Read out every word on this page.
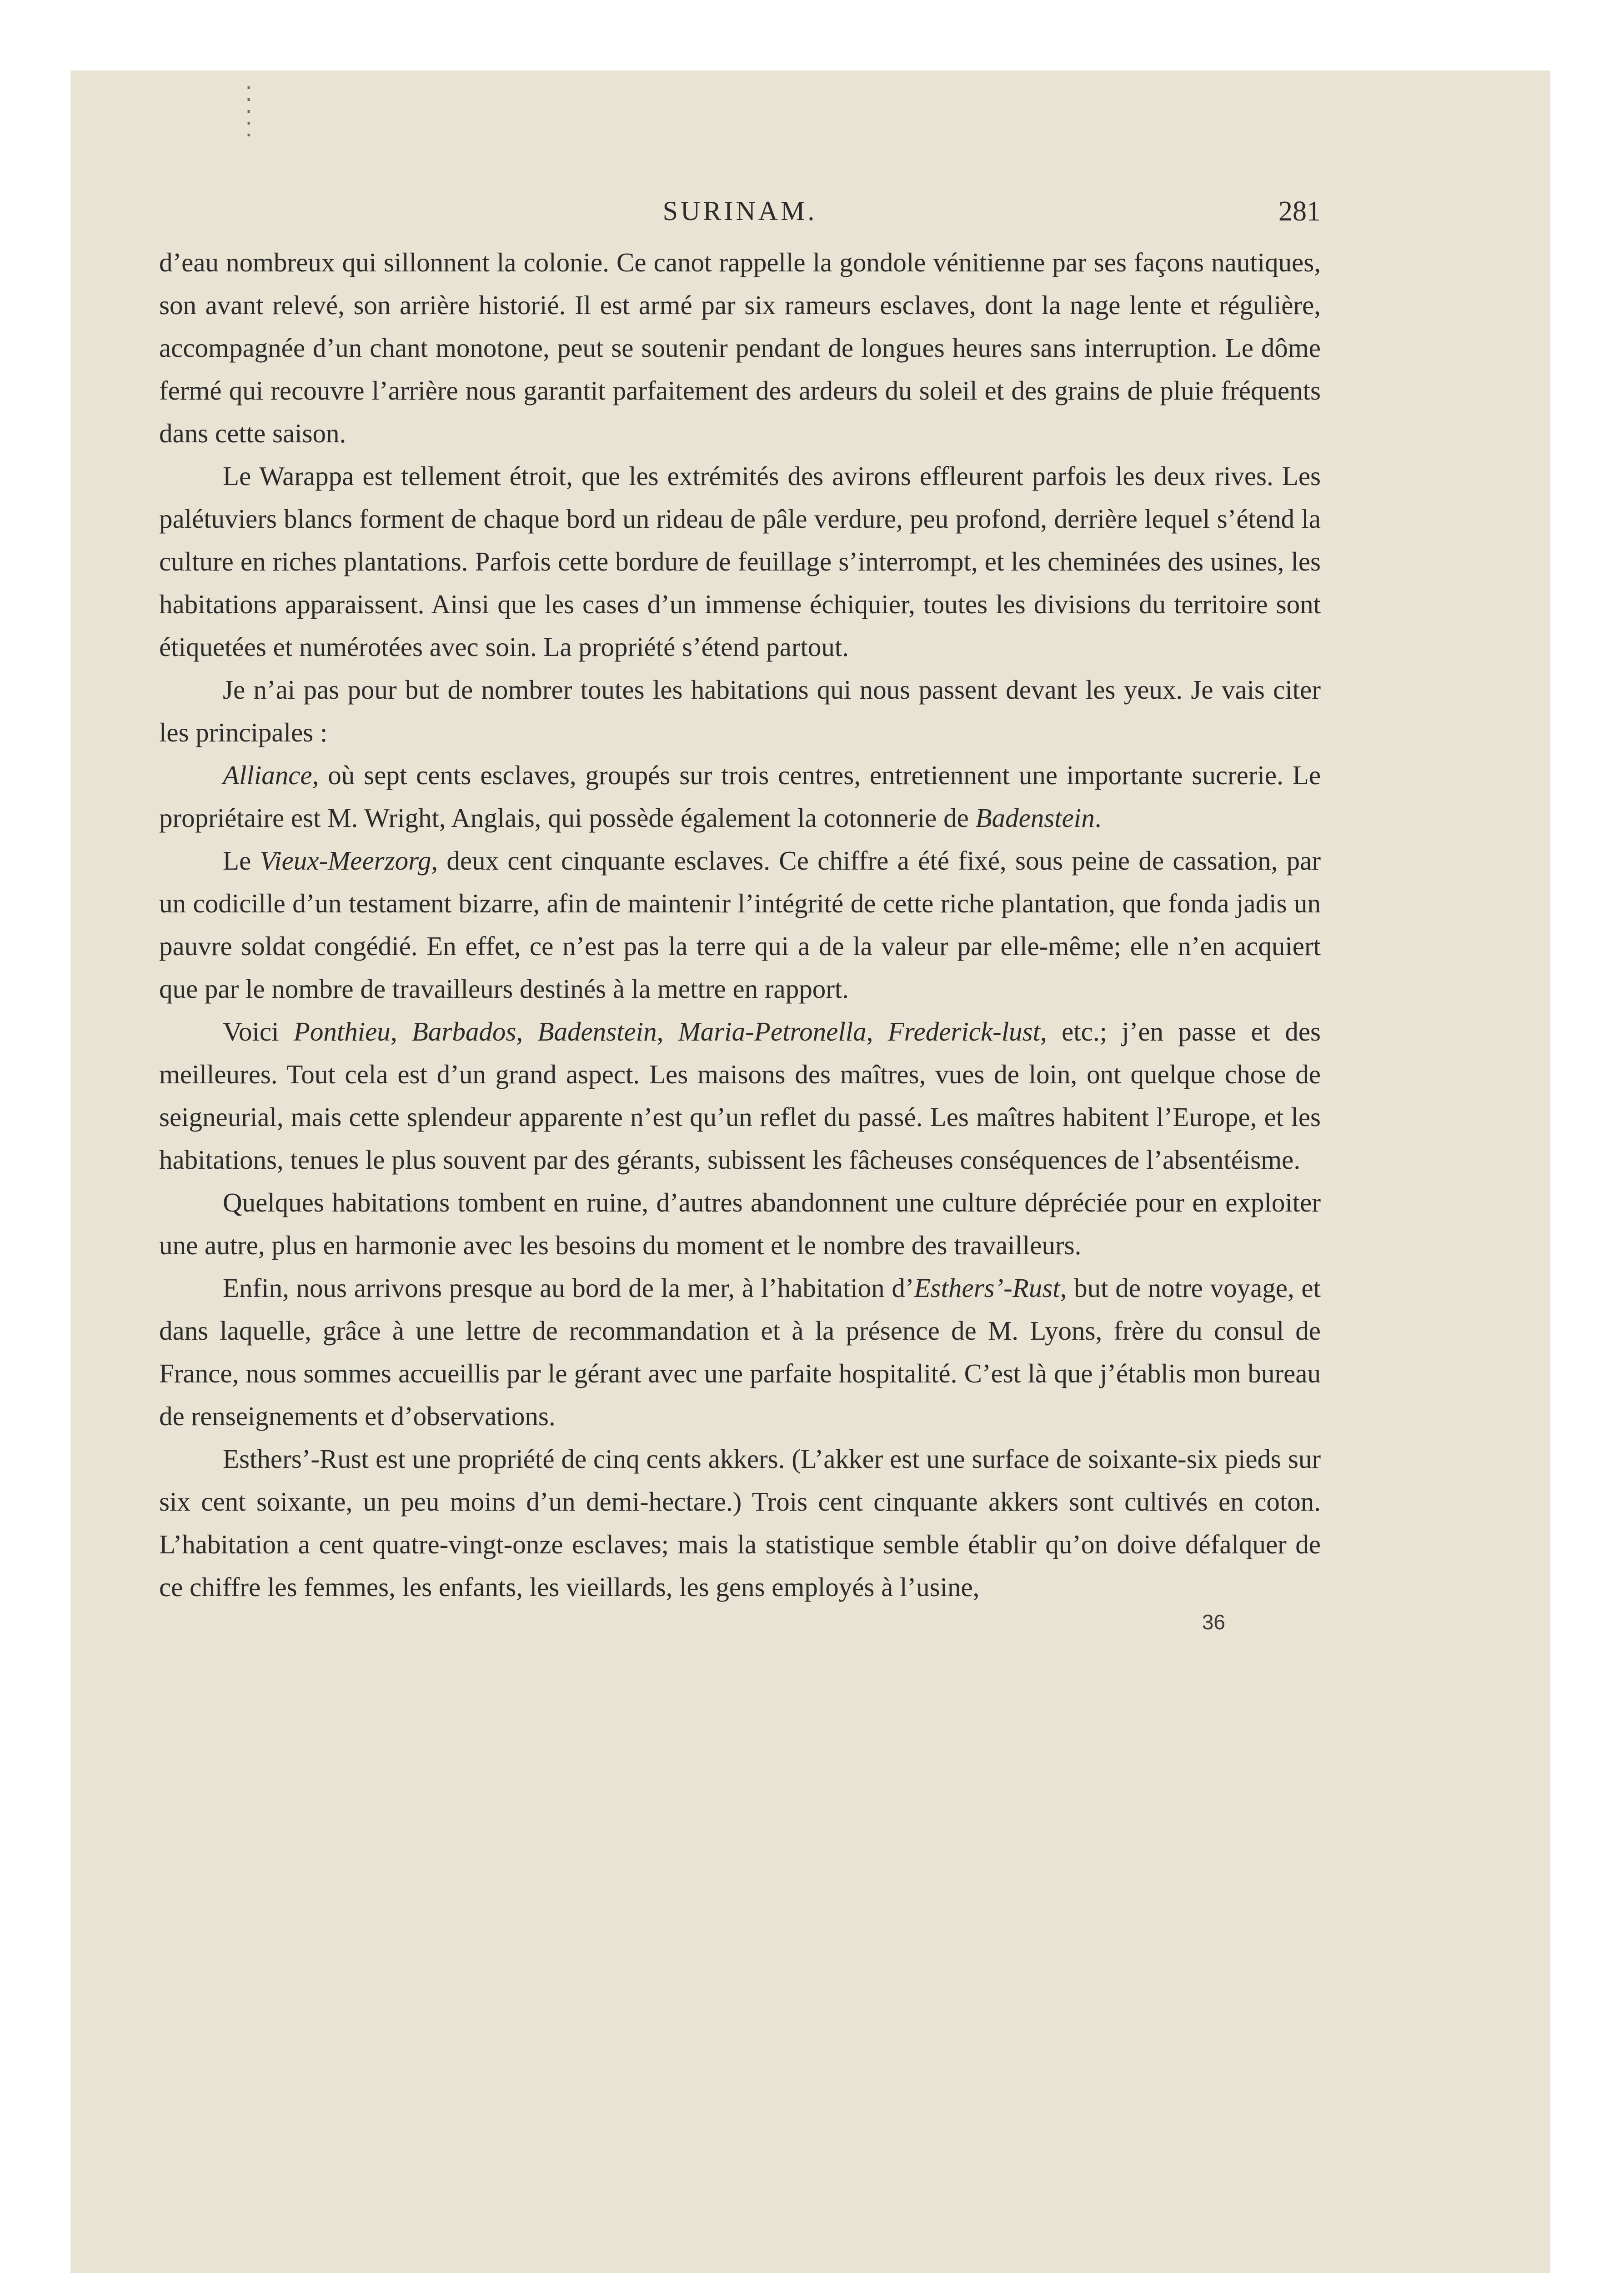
.
.
.
.
.
SURINAM.	281

d’eau nombreux qui sillonnent la colonie. Ce canot rappelle la gondole vénitienne par ses façons nautiques, son avant relevé, son arrière historié. Il est armé par six rameurs esclaves, dont la nage lente et régulière, accompagnée d’un chant monotone, peut se soutenir pendant de longues heures sans interruption. Le dôme fermé qui recouvre l’arrière nous garantit parfaitement des ardeurs du soleil et des grains de pluie fréquents dans cette saison.

Le Warappa est tellement étroit, que les extrémités des avirons effleurent parfois les deux rives. Les palétuviers blancs forment de chaque bord un rideau de pâle verdure, peu profond, derrière lequel s’étend la culture en riches plantations. Parfois cette bordure de feuillage s’interrompt, et les cheminées des usines, les habitations apparaissent. Ainsi que les cases d’un immense échiquier, toutes les divisions du territoire sont étiquetées et numérotées avec soin. La propriété s’étend partout.

Je n’ai pas pour but de nombrer toutes les habitations qui nous passent devant les yeux. Je vais citer les principales :

Alliance, où sept cents esclaves, groupés sur trois centres, entretiennent une importante sucrerie. Le propriétaire est M. Wright, Anglais, qui possède également la cotonnerie de Badenstein.

Le Vieux-Meerzorg, deux cent cinquante esclaves. Ce chiffre a été fixé, sous peine de cassation, par un codicille d’un testament bizarre, afin de maintenir l’intégrité de cette riche plantation, que fonda jadis un pauvre soldat congédié. En effet, ce n’est pas la terre qui a de la valeur par elle-même; elle n’en acquiert que par le nombre de travailleurs destinés à la mettre en rapport.

Voici Ponthieu, Barbados, Badenstein, Maria-Petronella, Frederick-lust, etc.; j’en passe et des meilleures. Tout cela est d’un grand aspect. Les maisons des maîtres, vues de loin, ont quelque chose de seigneurial, mais cette splendeur apparente n’est qu’un reflet du passé. Les maîtres habitent l’Europe, et les habitations, tenues le plus souvent par des gérants, subissent les fâcheuses conséquences de l’absentéisme.

Quelques habitations tombent en ruine, d’autres abandonnent une culture dépréciée pour en exploiter une autre, plus en harmonie avec les besoins du moment et le nombre des travailleurs.

Enfin, nous arrivons presque au bord de la mer, à l’habitation d’Esthers’-Rust, but de notre voyage, et dans laquelle, grâce à une lettre de recommandation et à la présence de M. Lyons, frère du consul de France, nous sommes accueillis par le gérant avec une parfaite hospitalité. C’est là que j’établis mon bureau de renseignements et d’observations.

Esthers’-Rust est une propriété de cinq cents akkers. (L’akker est une surface de soixante-six pieds sur six cent soixante, un peu moins d’un demi-hectare.) Trois cent cinquante akkers sont cultivés en coton. L’habitation a cent quatre-vingt-onze esclaves; mais la statistique semble établir qu’on doive défalquer de ce chiffre les femmes, les enfants, les vieillards, les gens employés à l’usine,

36
